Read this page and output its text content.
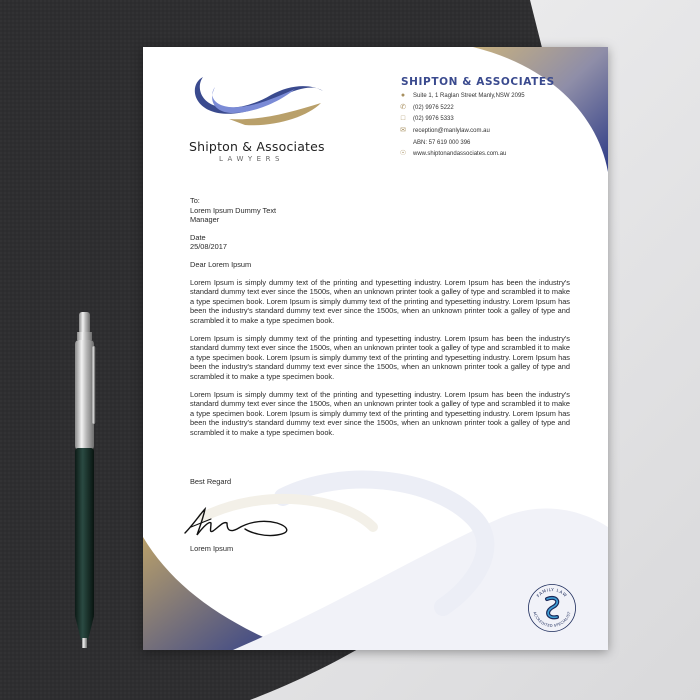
Shipton & Associates
LAWYERS
SHIPTON & ASSOCIATES
●	Suite 1, 1 Raglan Street Manly,NSW 2095
✆ (02) 9976 5222
□	(02) 9976 5333
✉ reception@manlylaw.com.au
ABN: 57 619 000 396
☉ www.shiptonandassociates.com.au

To:
Lorem Ipsum Dummy Text
Manager

Date
25/08/2017

Dear Lorem Ipsum

Lorem Ipsum is simply dummy text of the printing and typesetting industry. Lorem Ipsum has been the industry's standard dummy text ever since the 1500s, when an unknown printer took a galley of type and scrambled it to make a type specimen book. Lorem Ipsum is simply dummy text of the printing and typesetting industry. Lorem Ipsum has been the industry's standard dummy text ever since the 1500s, when an unknown printer took a galley of type and scrambled it to make a type specimen book.

Lorem Ipsum is simply dummy text of the printing and typesetting industry. Lorem Ipsum has been the industry's standard dummy text ever since the 1500s, when an unknown printer took a galley of type and scrambled it to make a type specimen book. Lorem Ipsum is simply dummy text of the printing and typesetting industry. Lorem Ipsum has been the industry's standard dummy text ever since the 1500s, when an unknown printer took a galley of type and scrambled it to make a type specimen book.

Lorem Ipsum is simply dummy text of the printing and typesetting industry. Lorem Ipsum has been the industry's standard dummy text ever since the 1500s, when an unknown printer took a galley of type and scrambled it to make a type specimen book. Lorem Ipsum is simply dummy text of the printing and typesetting industry. Lorem Ipsum has been the industry's standard dummy text ever since the 1500s, when an unknown printer took a galley of type and scrambled it to make a type specimen book.

Best Regard
Lorem Ipsum
FAMILY LAW
ACCREDITED SPECIALIST
